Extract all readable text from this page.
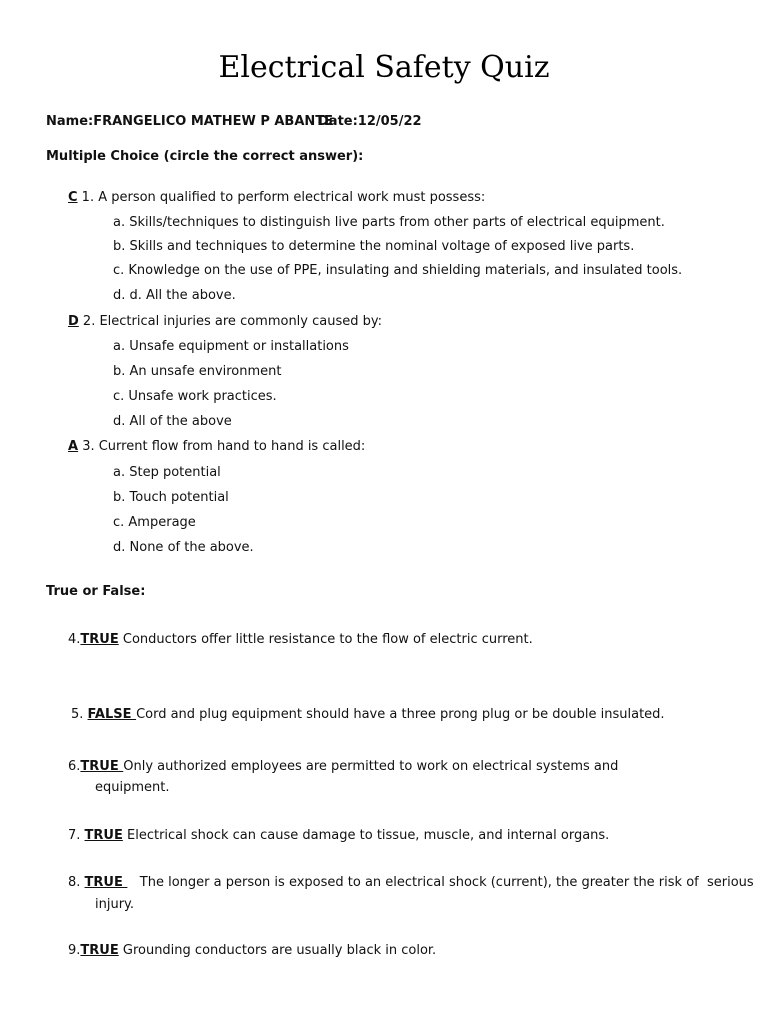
Electrical Safety Quiz
Name:FRANGELICO MATHEW P ABANTE
Date:12/05/22
Multiple Choice (circle the correct answer):
C 1. A person qualified to perform electrical work must possess:
a. Skills/techniques to distinguish live parts from other parts of electrical equipment.
b. Skills and techniques to determine the nominal voltage of exposed live parts.
c. Knowledge on the use of PPE, insulating and shielding materials, and insulated tools.
d. d. All the above.
D 2. Electrical injuries are commonly caused by:
a. Unsafe equipment or installations
b. An unsafe environment
c. Unsafe work practices.
d. All of the above
A 3. Current flow from hand to hand is called:
a. Step potential
b. Touch potential
c. Amperage
d. None of the above.
True or False:
4.TRUE Conductors offer little resistance to the flow of electric current.
5. FALSE Cord and plug equipment should have a three prong plug or be double insulated.
6.TRUE Only authorized employees are permitted to work on electrical systems and
equipment.
7. TRUE Electrical shock can cause damage to tissue, muscle, and internal organs.
8. TRUE    The longer a person is exposed to an electrical shock (current), the greater the risk of  serious
injury.
9.TRUE Grounding conductors are usually black in color.
